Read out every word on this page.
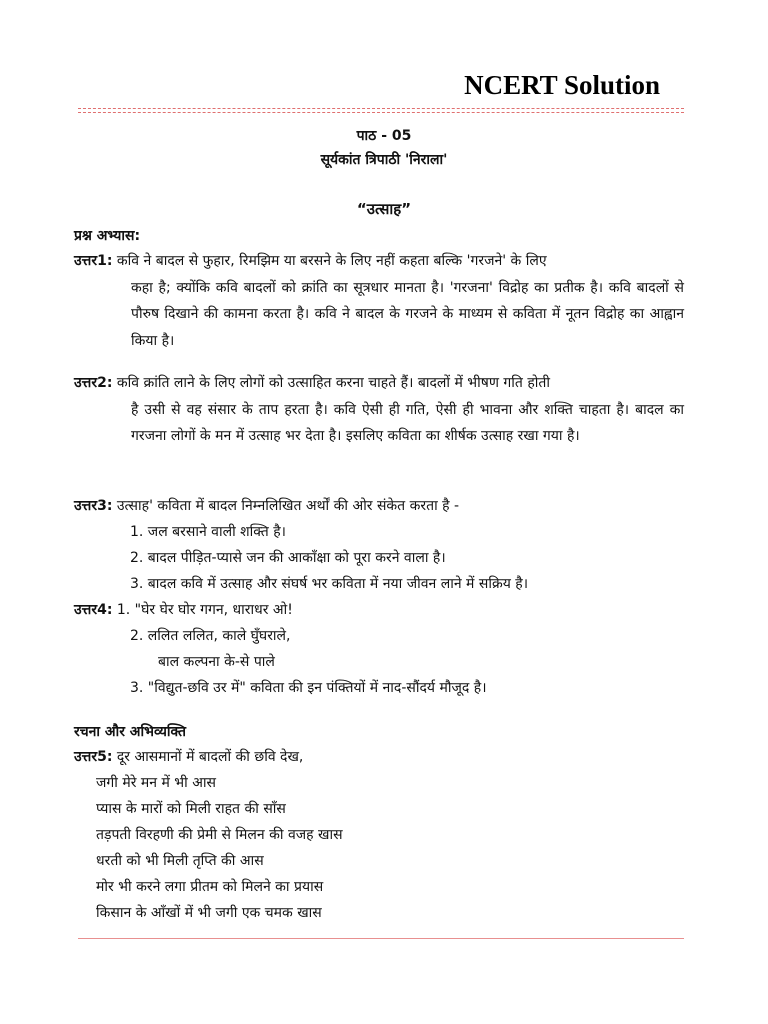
NCERT Solution
पाठ - 05
सूर्यकांत त्रिपाठी 'निराला'
“उत्साह”
प्रश्न अभ्यास:
उत्तर1: कवि ने बादल से फुहार, रिमझिम या बरसने के लिए नहीं कहता बल्कि 'गरजने' के लिए
कहा है; क्योंकि कवि बादलों को क्रांति का सूत्रधार मानता है। 'गरजना' विद्रोह का प्रतीक है। कवि बादलों से पौरुष दिखाने की कामना करता है। कवि ने बादल के गरजने के माध्यम से कविता में नूतन विद्रोह का आह्वान किया है।
उत्तर2: कवि क्रांति लाने के लिए लोगों को उत्साहित करना चाहते हैं। बादलों में भीषण गति होती
है उसी से वह संसार के ताप हरता है। कवि ऐसी ही गति, ऐसी ही भावना और शक्ति चाहता है। बादल का गरजना लोगों के मन में उत्साह भर देता है। इसलिए कविता का शीर्षक उत्साह रखा गया है।
उत्तर3: उत्साह' कविता में बादल निम्नलिखित अर्थों की ओर संकेत करता है -
1. जल बरसाने वाली शक्ति है।
2. बादल पीड़ित-प्यासे जन की आकाँक्षा को पूरा करने वाला है।
3. बादल कवि में उत्साह और संघर्ष भर कविता में नया जीवन लाने में सक्रिय है।
उत्तर4: 1. "घेर घेर घोर गगन, धाराधर ओ!
2. ललित ललित, काले घुँघराले,
बाल कल्पना के-से पाले
3. "विद्युत-छवि उर में" कविता की इन पंक्तियों में नाद-सौंदर्य मौजूद है।
रचना और अभिव्यक्ति
उत्तर5: दूर आसमानों में बादलों की छवि देख,
जगी मेरे मन में भी आस
प्यास के मारों को मिली राहत की साँस
तड़पती विरहणी की प्रेमी से मिलन की वजह खास
धरती को भी मिली तृप्ति की आस
मोर भी करने लगा प्रीतम को मिलने का प्रयास
किसान के आँखों में भी जगी एक चमक खास
